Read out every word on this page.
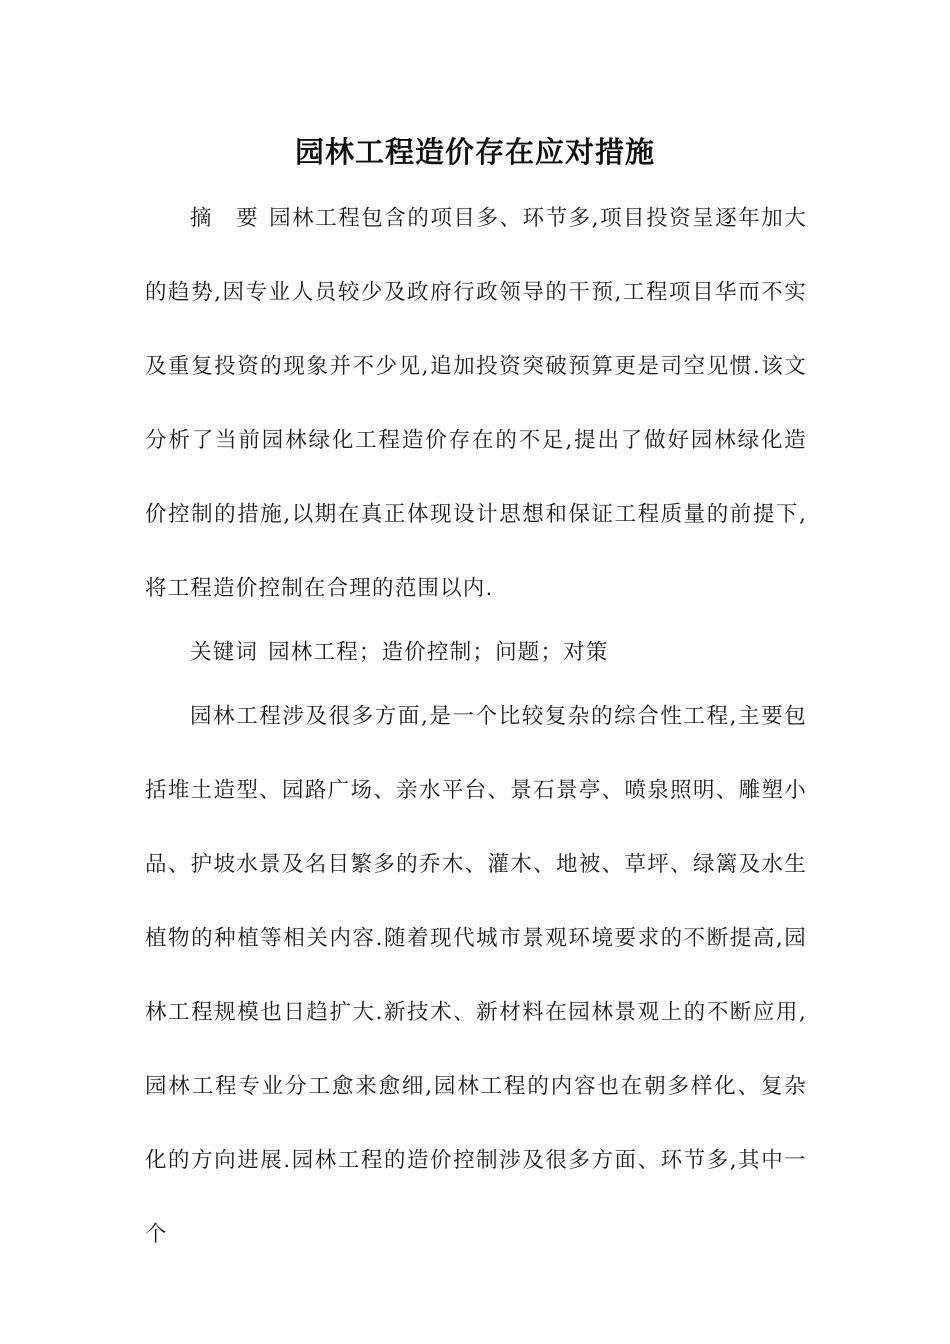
园林工程造价存在应对措施

摘　要 园林工程包含的项目多、环节多,项目投资呈逐年加大的趋势,因专业人员较少及政府行政领导的干预,工程项目华而不实及重复投资的现象并不少见,追加投资突破预算更是司空见惯.该文分析了当前园林绿化工程造价存在的不足,提出了做好园林绿化造价控制的措施,以期在真正体现设计思想和保证工程质量的前提下,将工程造价控制在合理的范围以内.

关键词 园林工程；造价控制；问题；对策

园林工程涉及很多方面,是一个比较复杂的综合性工程,主要包括堆土造型、园路广场、亲水平台、景石景亭、喷泉照明、雕塑小品、护坡水景及名目繁多的乔木、灌木、地被、草坪、绿篱及水生植物的种植等相关内容.随着现代城市景观环境要求的不断提高,园林工程规模也日趋扩大.新技术、新材料在园林景观上的不断应用,园林工程专业分工愈来愈细,园林工程的内容也在朝多样化、复杂化的方向进展.园林工程的造价控制涉及很多方面、环节多,其中一个
